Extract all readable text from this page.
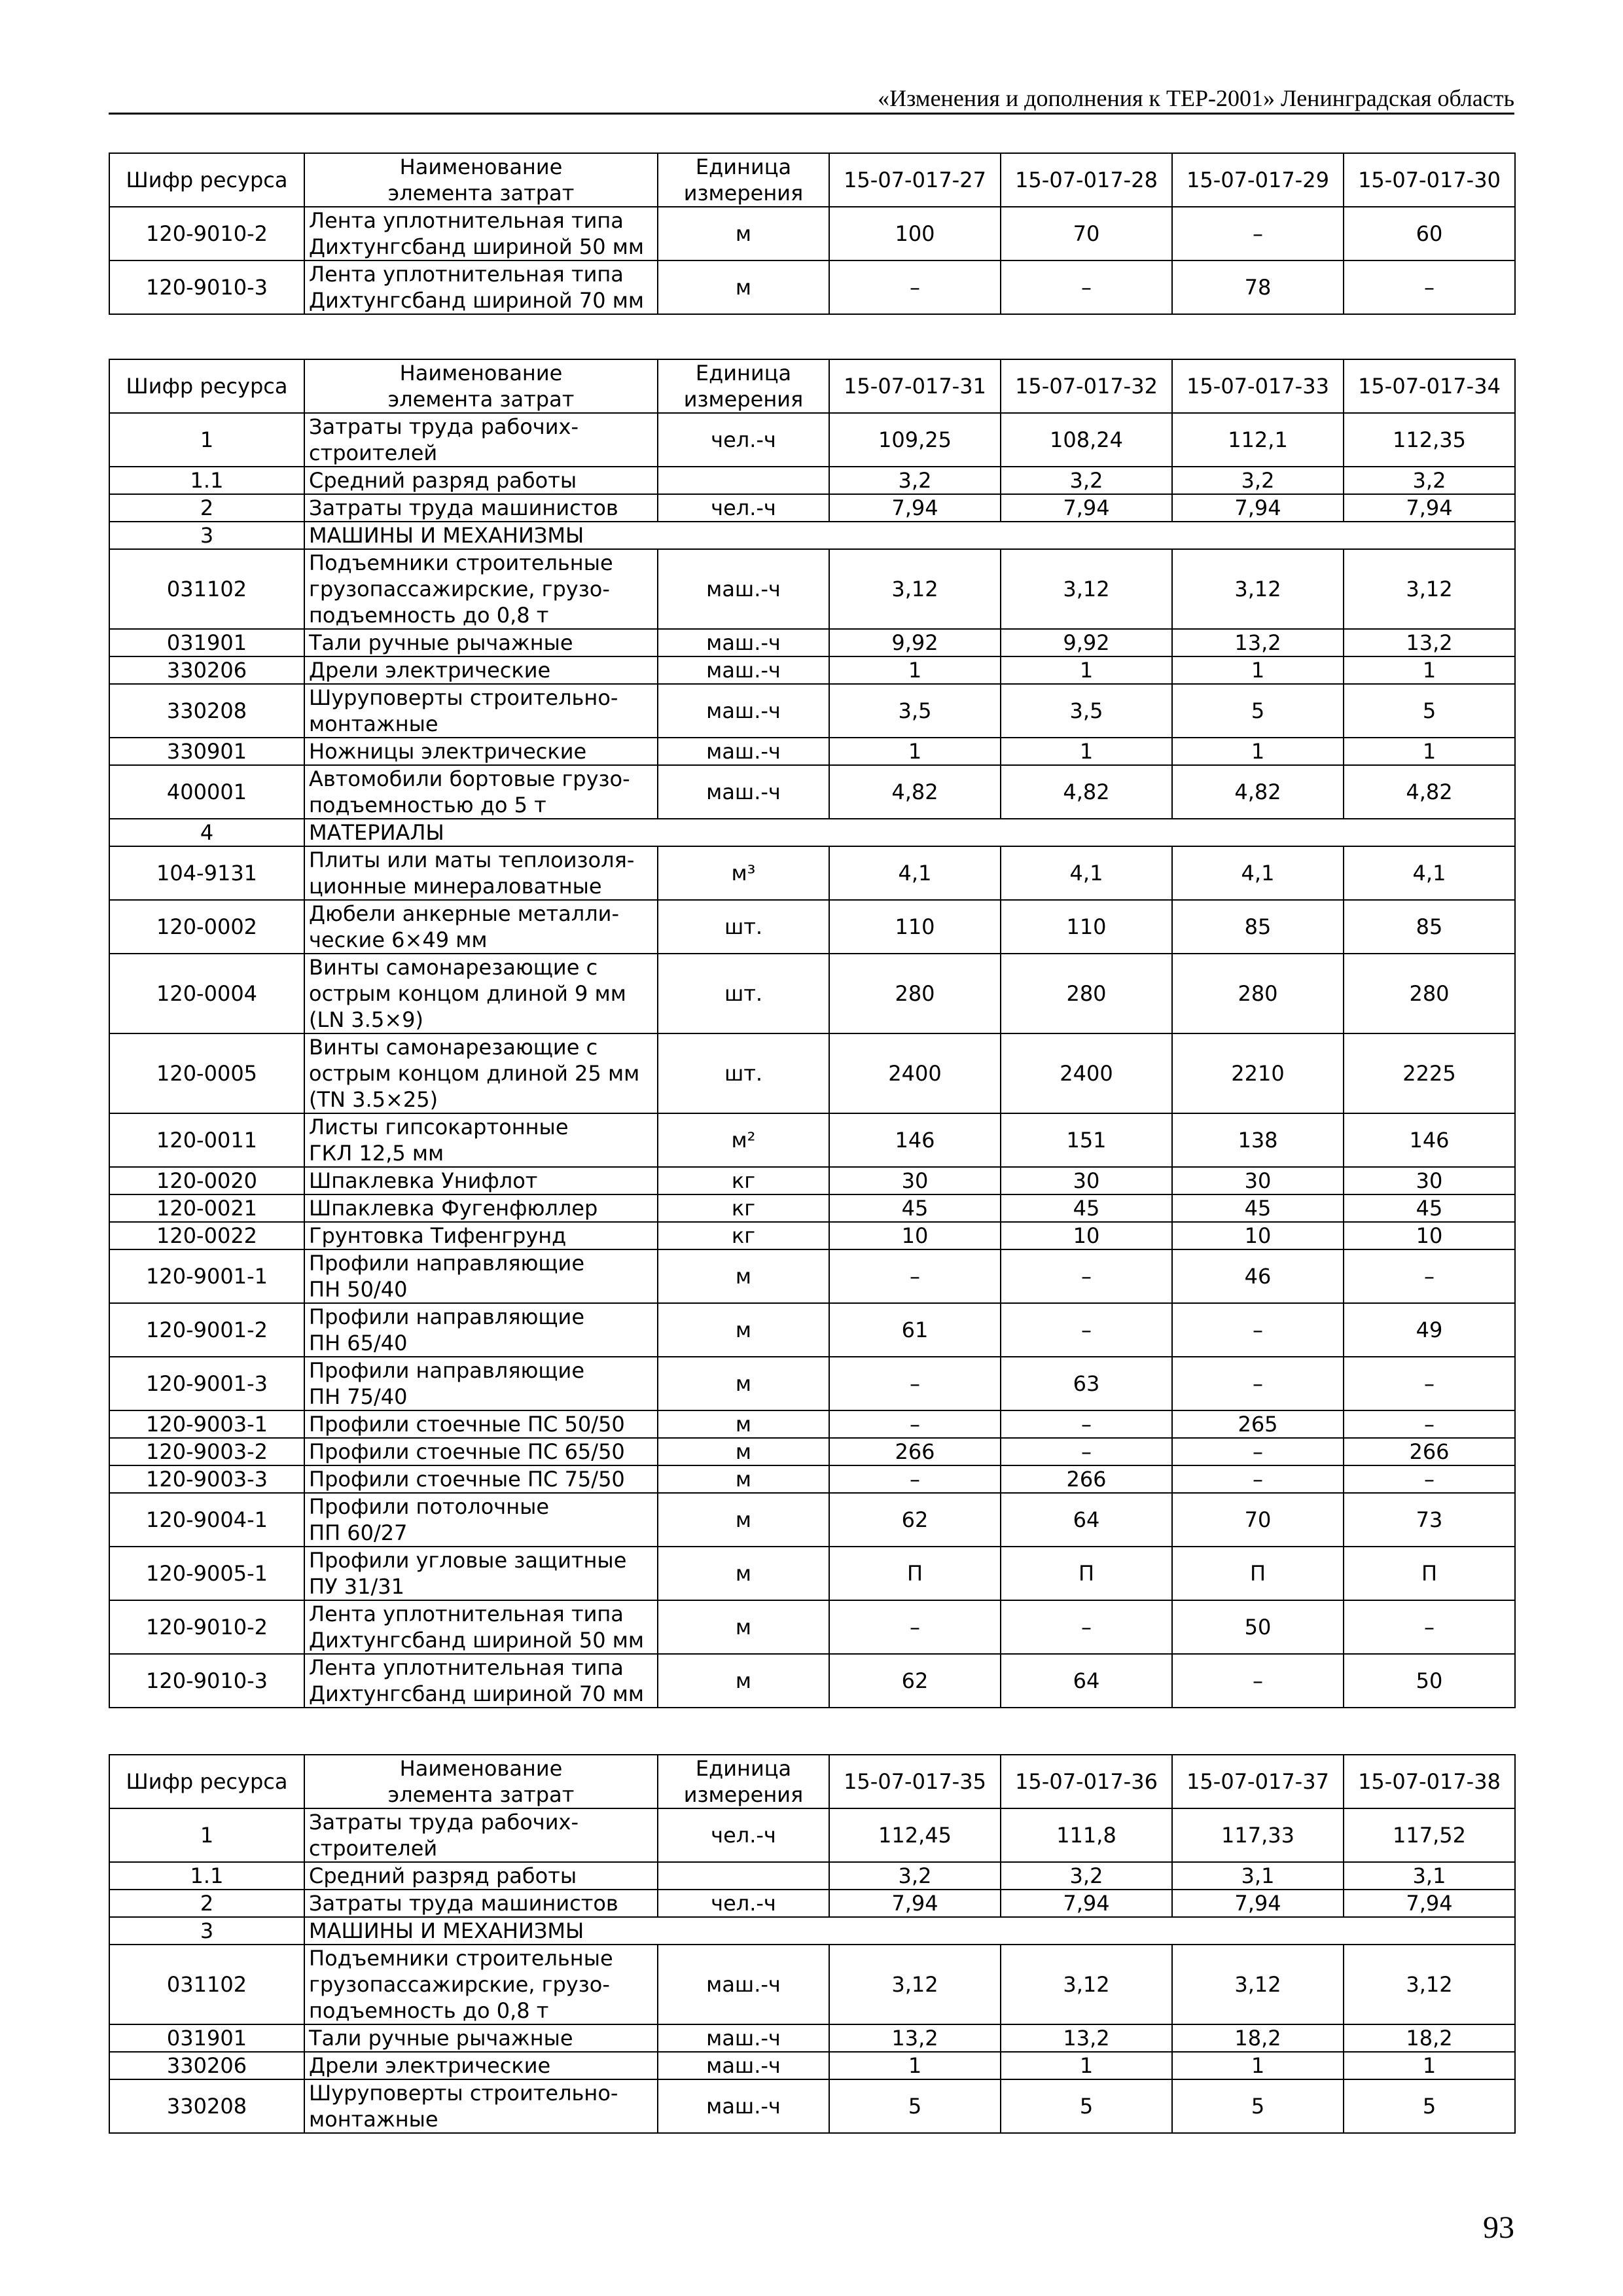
«Изменения и дополнения к ТЕР-2001» Ленинградская область
Шифр ресурса	Наименование
элемента затрат	Единица
измерения	15-07-017-27	15-07-017-28	15-07-017-29	15-07-017-30
120-9010-2	Лента уплотнительная типа
Дихтунгсбанд шириной 50 мм	м	100	70	–	60
120-9010-3	Лента уплотнительная типа
Дихтунгсбанд шириной 70 мм	м	–	–	78	–
Шифр ресурса	Наименование
элемента затрат	Единица
измерения	15-07-017-31	15-07-017-32	15-07-017-33	15-07-017-34
1	Затраты труда рабочих-
строителей	чел.-ч	109,25	108,24	112,1	112,35
1.1	Средний разряд работы		3,2	3,2	3,2	3,2
2	Затраты труда машинистов	чел.-ч	7,94	7,94	7,94	7,94
3	МАШИНЫ И МЕХАНИЗМЫ					
031102	Подъемники строительные
грузопассажирские, грузо-
подъемность до 0,8 т	маш.-ч	3,12	3,12	3,12	3,12
031901	Тали ручные рычажные	маш.-ч	9,92	9,92	13,2	13,2
330206	Дрели электрические	маш.-ч	1	1	1	1
330208	Шуруповерты строительно-
монтажные	маш.-ч	3,5	3,5	5	5
330901	Ножницы электрические	маш.-ч	1	1	1	1
400001	Автомобили бортовые грузо-
подъемностью до 5 т	маш.-ч	4,82	4,82	4,82	4,82
4	МАТЕРИАЛЫ					
104-9131	Плиты или маты теплоизоля-
ционные минераловатные	м³	4,1	4,1	4,1	4,1
120-0002	Дюбели анкерные металли-
ческие 6×49 мм	шт.	110	110	85	85
120-0004	Винты самонарезающие с
острым концом длиной 9 мм
(LN 3.5×9)	шт.	280	280	280	280
120-0005	Винты самонарезающие с
острым концом длиной 25 мм
(TN 3.5×25)	шт.	2400	2400	2210	2225
120-0011	Листы гипсокартонные
ГКЛ 12,5 мм	м²	146	151	138	146
120-0020	Шпаклевка Унифлот	кг	30	30	30	30
120-0021	Шпаклевка Фугенфюллер	кг	45	45	45	45
120-0022	Грунтовка Тифенгрунд	кг	10	10	10	10
120-9001-1	Профили направляющие
ПН 50/40	м	–	–	46	–
120-9001-2	Профили направляющие
ПН 65/40	м	61	–	–	49
120-9001-3	Профили направляющие
ПН 75/40	м	–	63	–	–
120-9003-1	Профили стоечные ПС 50/50	м	–	–	265	–
120-9003-2	Профили стоечные ПС 65/50	м	266	–	–	266
120-9003-3	Профили стоечные ПС 75/50	м	–	266	–	–
120-9004-1	Профили потолочные
ПП 60/27	м	62	64	70	73
120-9005-1	Профили угловые защитные
ПУ 31/31	м	П	П	П	П
120-9010-2	Лента уплотнительная типа
Дихтунгсбанд шириной 50 мм	м	–	–	50	–
120-9010-3	Лента уплотнительная типа
Дихтунгсбанд шириной 70 мм	м	62	64	–	50
Шифр ресурса	Наименование
элемента затрат	Единица
измерения	15-07-017-35	15-07-017-36	15-07-017-37	15-07-017-38
1	Затраты труда рабочих-
строителей	чел.-ч	112,45	111,8	117,33	117,52
1.1	Средний разряд работы		3,2	3,2	3,1	3,1
2	Затраты труда машинистов	чел.-ч	7,94	7,94	7,94	7,94
3	МАШИНЫ И МЕХАНИЗМЫ					
031102	Подъемники строительные
грузопассажирские, грузо-
подъемность до 0,8 т	маш.-ч	3,12	3,12	3,12	3,12
031901	Тали ручные рычажные	маш.-ч	13,2	13,2	18,2	18,2
330206	Дрели электрические	маш.-ч	1	1	1	1
330208	Шуруповерты строительно-
монтажные	маш.-ч	5	5	5	5
93
